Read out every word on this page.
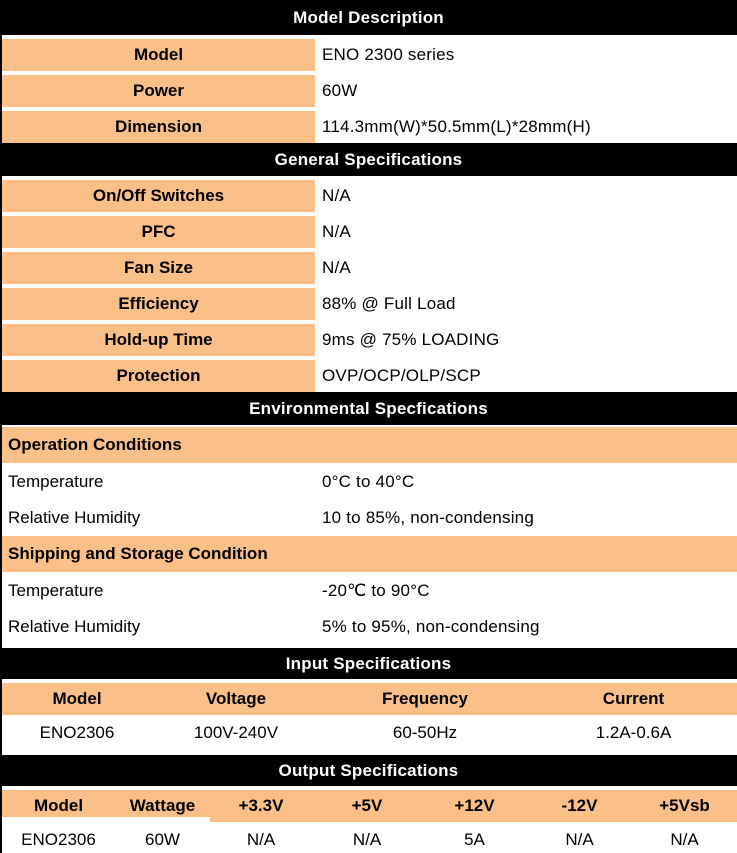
Model Description
Model	ENO 2300 series
Power	60W
Dimension	114.3mm(W)*50.5mm(L)*28mm(H)
General Specifications
On/Off Switches	N/A
PFC	N/A
Fan Size	N/A
Efficiency	88% @ Full Load
Hold-up Time	9ms @ 75% LOADING
Protection	OVP/OCP/OLP/SCP
Environmental Specfications
Operation Conditions
Temperature	0°C to 40°C
Relative Humidity	10 to 85%, non-condensing
Shipping and Storage Condition
Temperature	-20℃ to 90°C
Relative Humidity	5% to 95%, non-condensing
Input Specifications
Model	Voltage	Frequency	Current
ENO2306	100V-240V	60-50Hz	1.2A-0.6A
Output Specifications
Model	Wattage	+3.3V	+5V	+12V	-12V	+5Vsb
ENO2306	60W	N/A	N/A	5A	N/A	N/A
